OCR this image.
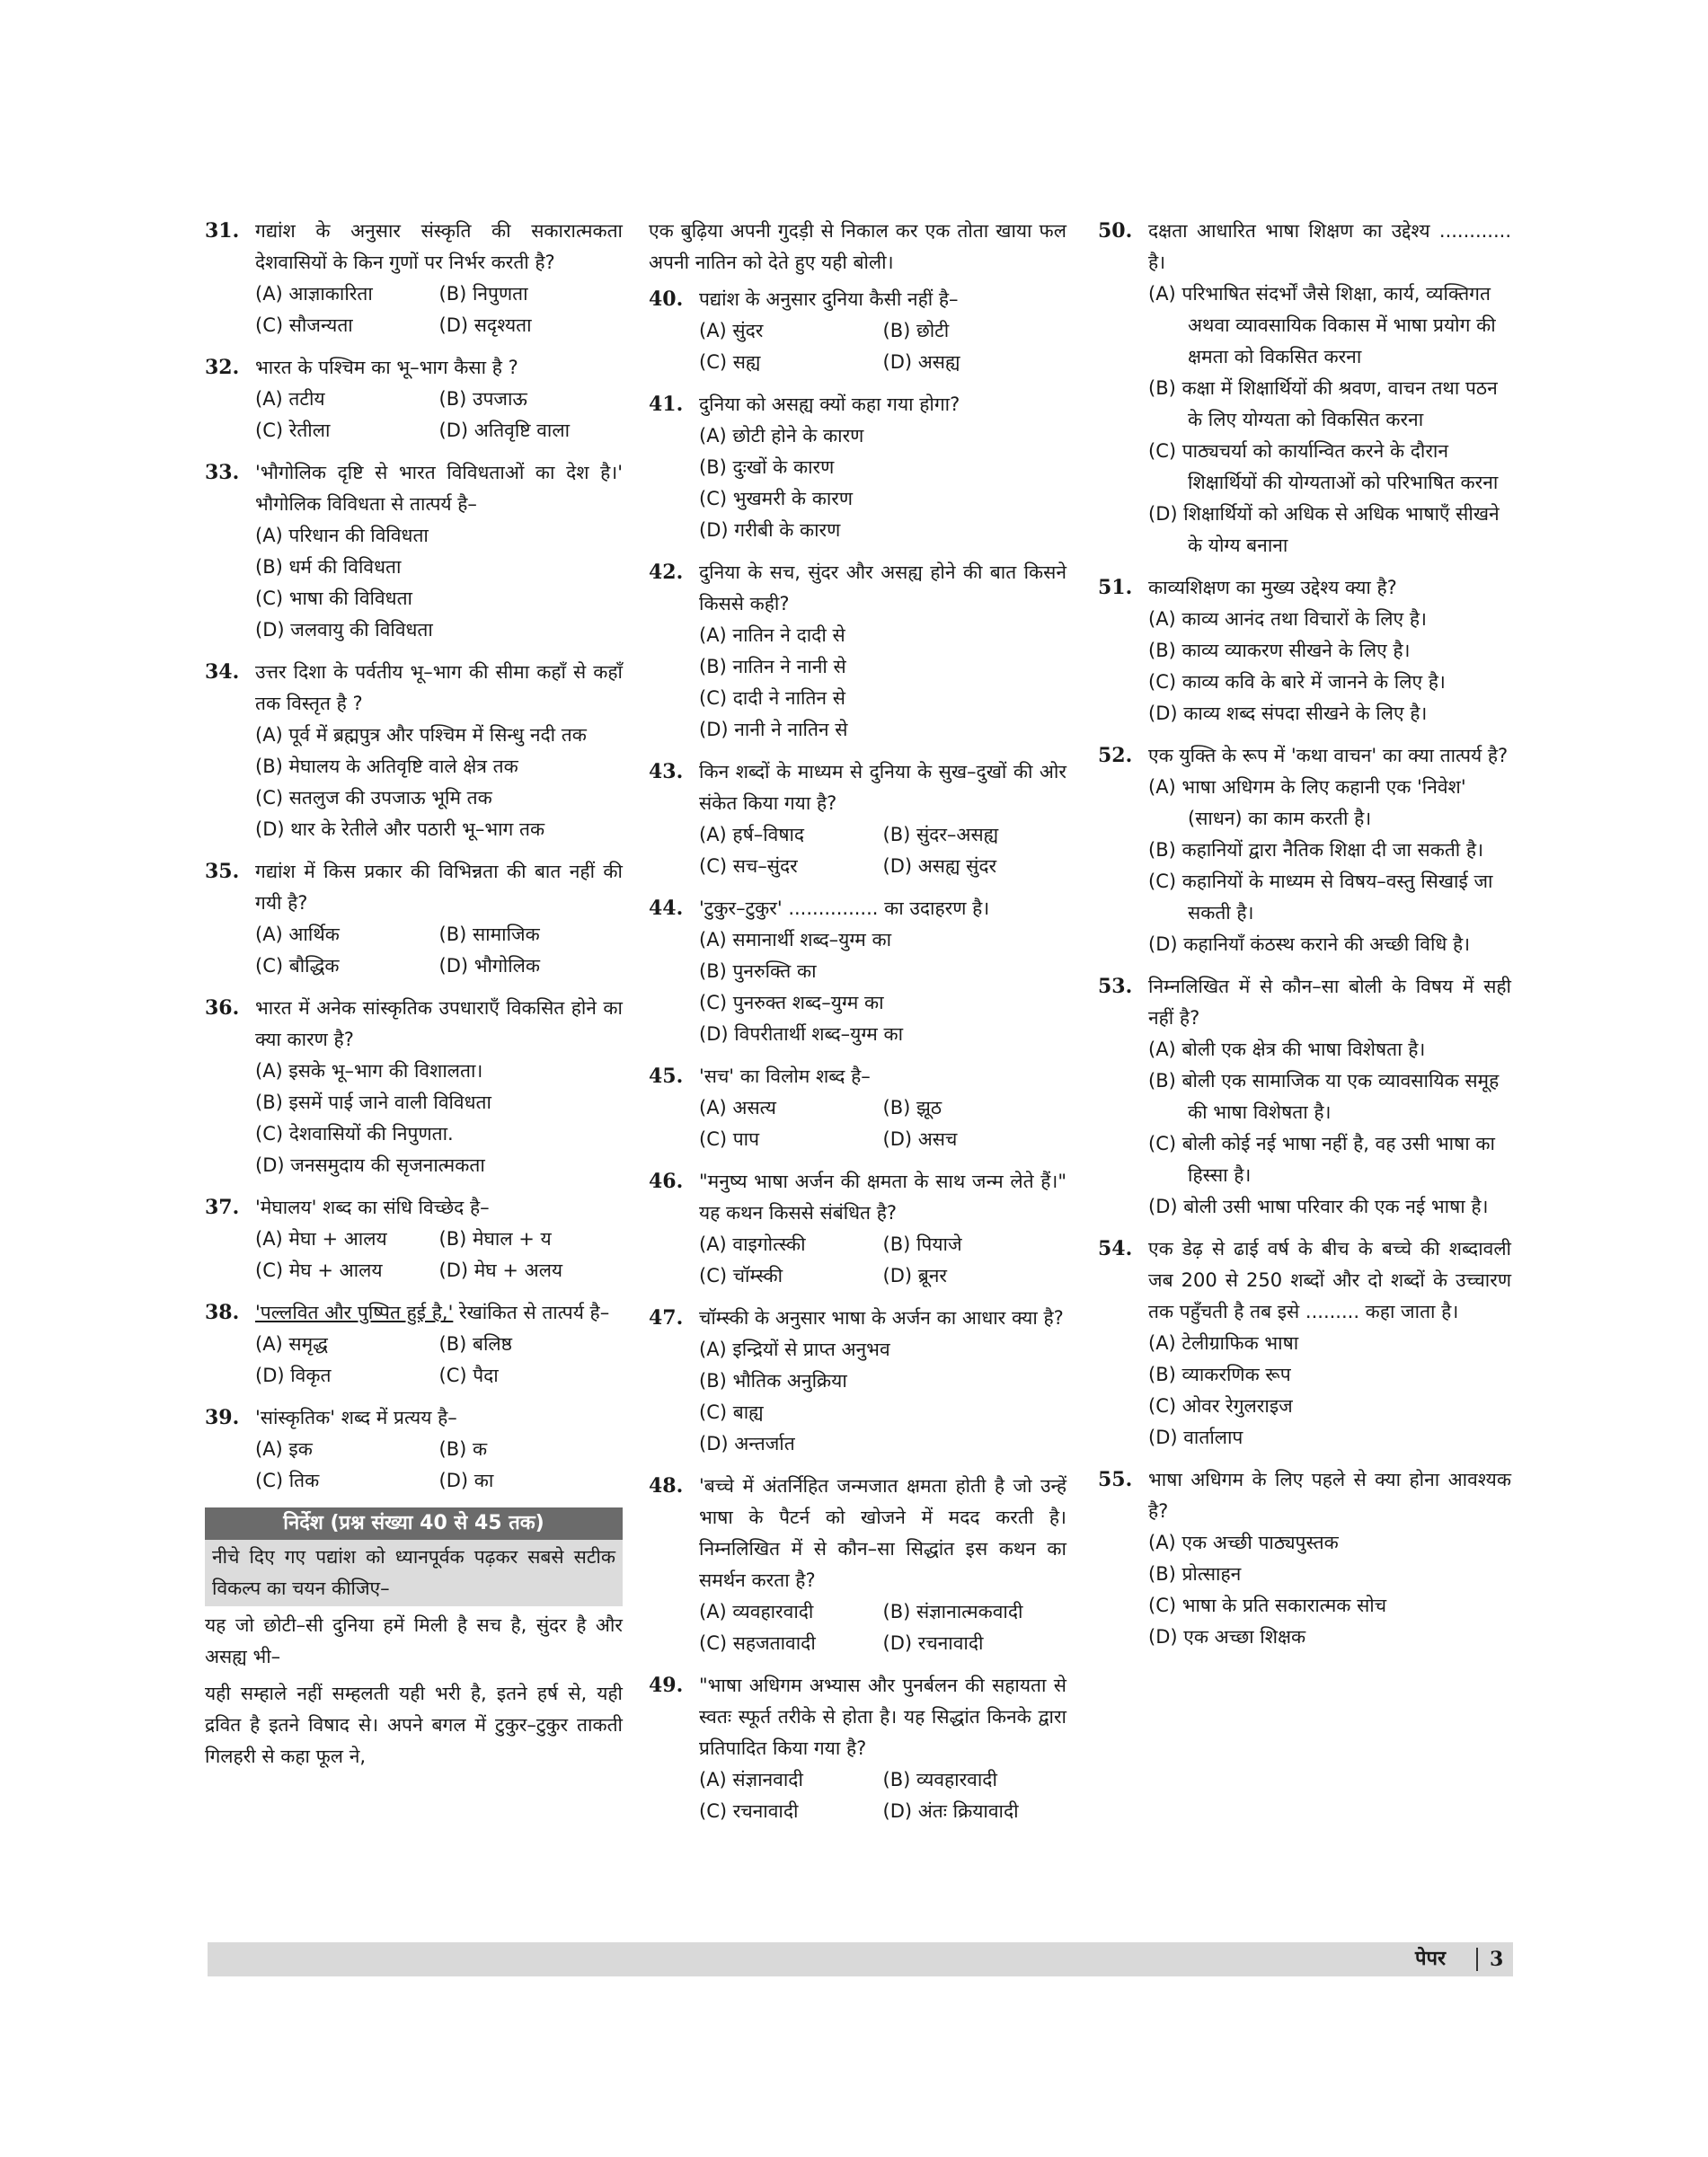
31. गद्यांश के अनुसार संस्कृति की सकारात्मकता देशवासियों के किन गुणों पर निर्भर करती है?
(A) आज्ञाकारिता	(B) निपुणता
(C) सौजन्यता	(D) सदृश्यता
32. भारत के पश्चिम का भू–भाग कैसा है ?
(A) तटीय	(B) उपजाऊ
(C) रेतीला	(D) अतिवृष्टि वाला
33. 'भौगोलिक दृष्टि से भारत विविधताओं का देश है।' भौगोलिक विविधता से तात्पर्य है–
(A) परिधान की विविधता
(B) धर्म की विविधता
(C) भाषा की विविधता
(D) जलवायु की विविधता
34. उत्तर दिशा के पर्वतीय भू–भाग की सीमा कहाँ से कहाँ तक विस्तृत है ?
(A) पूर्व में ब्रह्मपुत्र और पश्चिम में सिन्धु नदी तक
(B) मेघालय के अतिवृष्टि वाले क्षेत्र तक
(C) सतलुज की उपजाऊ भूमि तक
(D) थार के रेतीले और पठारी भू–भाग तक
35. गद्यांश में किस प्रकार की विभिन्नता की बात नहीं की गयी है?
(A) आर्थिक	(B) सामाजिक
(C) बौद्धिक	(D) भौगोलिक
36. भारत में अनेक सांस्कृतिक उपधाराएँ विकसित होने का क्या कारण है?
(A) इसके भू–भाग की विशालता।
(B) इसमें पाई जाने वाली विविधता
(C) देशवासियों की निपुणता.
(D) जनसमुदाय की सृजनात्मकता
37. 'मेघालय' शब्द का संधि विच्छेद है–
(A) मेघा + आलय	(B) मेघाल + य
(C) मेघ + आलय	(D) मेघ + अलय
38. 'पल्लवित और पुष्पित हुई है,' रेखांकित से तात्पर्य है–
(A) समृद्ध	(B) बलिष्ठ
(D) विकृत	(C) पैदा
39. 'सांस्कृतिक' शब्द में प्रत्यय है–
(A) इक	(B) क
(C) तिक	(D) का
निर्देश (प्रश्न संख्या 40 से 45 तक)
नीचे दिए गए पद्यांश को ध्यानपूर्वक पढ़कर सबसे सटीक विकल्प का चयन कीजिए–

यह जो छोटी–सी दुनिया हमें मिली है सच है, सुंदर है और असह्य भी–

यही सम्हाले नहीं सम्हलती यही भरी है, इतने हर्ष से, यही द्रवित है इतने विषाद से। अपने बगल में टुकुर–टुकुर ताकती गिलहरी से कहा फूल ने,

एक बुढ़िया अपनी गुदड़ी से निकाल कर एक तोता खाया फल अपनी नातिन को देते हुए यही बोली।

40. पद्यांश के अनुसार दुनिया कैसी नहीं है–
(A) सुंदर	(B) छोटी
(C) सह्य	(D) असह्य
41. दुनिया को असह्य क्यों कहा गया होगा?
(A) छोटी होने के कारण
(B) दुःखों के कारण
(C) भुखमरी के कारण
(D) गरीबी के कारण
42. दुनिया के सच, सुंदर और असह्य होने की बात किसने किससे कही?
(A) नातिन ने दादी से
(B) नातिन ने नानी से
(C) दादी ने नातिन से
(D) नानी ने नातिन से
43. किन शब्दों के माध्यम से दुनिया के सुख–दुखों की ओर संकेत किया गया है?
(A) हर्ष–विषाद	(B) सुंदर–असह्य
(C) सच–सुंदर	(D) असह्य सुंदर
44. 'टुकुर–टुकुर' ............... का उदाहरण है।
(A) समानार्थी शब्द–युग्म का
(B) पुनरुक्ति का
(C) पुनरुक्त शब्द–युग्म का
(D) विपरीतार्थी शब्द–युग्म का
45. 'सच' का विलोम शब्द है–
(A) असत्य	(B) झूठ
(C) पाप	(D) असच
46. "मनुष्य भाषा अर्जन की क्षमता के साथ जन्म लेते हैं।" यह कथन किससे संबंधित है?
(A) वाइगोत्स्की	(B) पियाजे
(C) चॉम्स्की	(D) ब्रूनर
47. चॉम्स्की के अनुसार भाषा के अर्जन का आधार क्या है?
(A) इन्द्रियों से प्राप्त अनुभव
(B) भौतिक अनुक्रिया
(C) बाह्य
(D) अन्तर्जात
48. 'बच्चे में अंतर्निहित जन्मजात क्षमता होती है जो उन्हें भाषा के पैटर्न को खोजने में मदद करती है। निम्नलिखित में से कौन–सा सिद्धांत इस कथन का समर्थन करता है?
(A) व्यवहारवादी	(B) संज्ञानात्मकवादी
(C) सहजतावादी	(D) रचनावादी
49. "भाषा अधिगम अभ्यास और पुनर्बलन की सहायता से स्वतः स्फूर्त तरीके से होता है। यह सिद्धांत किनके द्वारा प्रतिपादित किया गया है?
(A) संज्ञानवादी	(B) व्यवहारवादी
(C) रचनावादी	(D) अंतः क्रियावादी
50. दक्षता आधारित भाषा शिक्षण का उद्देश्य ............ है।
(A) परिभाषित संदर्भों जैसे शिक्षा, कार्य, व्यक्तिगत अथवा व्यावसायिक विकास में भाषा प्रयोग की क्षमता को विकसित करना
(B) कक्षा में शिक्षार्थियों की श्रवण, वाचन तथा पठन के लिए योग्यता को विकसित करना
(C) पाठ्यचर्या को कार्यान्वित करने के दौरान शिक्षार्थियों की योग्यताओं को परिभाषित करना
(D) शिक्षार्थियों को अधिक से अधिक भाषाएँ सीखने के योग्य बनाना
51. काव्यशिक्षण का मुख्य उद्देश्य क्या है?
(A) काव्य आनंद तथा विचारों के लिए है।
(B) काव्य व्याकरण सीखने के लिए है।
(C) काव्य कवि के बारे में जानने के लिए है।
(D) काव्य शब्द संपदा सीखने के लिए है।
52. एक युक्ति के रूप में 'कथा वाचन' का क्या तात्पर्य है?
(A) भाषा अधिगम के लिए कहानी एक 'निवेश' (साधन) का काम करती है।
(B) कहानियों द्वारा नैतिक शिक्षा दी जा सकती है।
(C) कहानियों के माध्यम से विषय–वस्तु सिखाई जा सकती है।
(D) कहानियाँ कंठस्थ कराने की अच्छी विधि है।
53. निम्नलिखित में से कौन–सा बोली के विषय में सही नहीं है?
(A) बोली एक क्षेत्र की भाषा विशेषता है।
(B) बोली एक सामाजिक या एक व्यावसायिक समूह की भाषा विशेषता है।
(C) बोली कोई नई भाषा नहीं है, वह उसी भाषा का हिस्सा है।
(D) बोली उसी भाषा परिवार की एक नई भाषा है।
54. एक डेढ़ से ढाई वर्ष के बीच के बच्चे की शब्दावली जब 200 से 250 शब्दों और दो शब्दों के उच्चारण तक पहुँचती है तब इसे ......... कहा जाता है।
(A) टेलीग्राफिक भाषा
(B) व्याकरणिक रूप
(C) ओवर रेगुलराइज
(D) वार्तालाप
55. भाषा अधिगम के लिए पहले से क्या होना आवश्यक है?
(A) एक अच्छी पाठ्यपुस्तक
(B) प्रोत्साहन
(C) भाषा के प्रति सकारात्मक सोच
(D) एक अच्छा शिक्षक
पेपर 3
